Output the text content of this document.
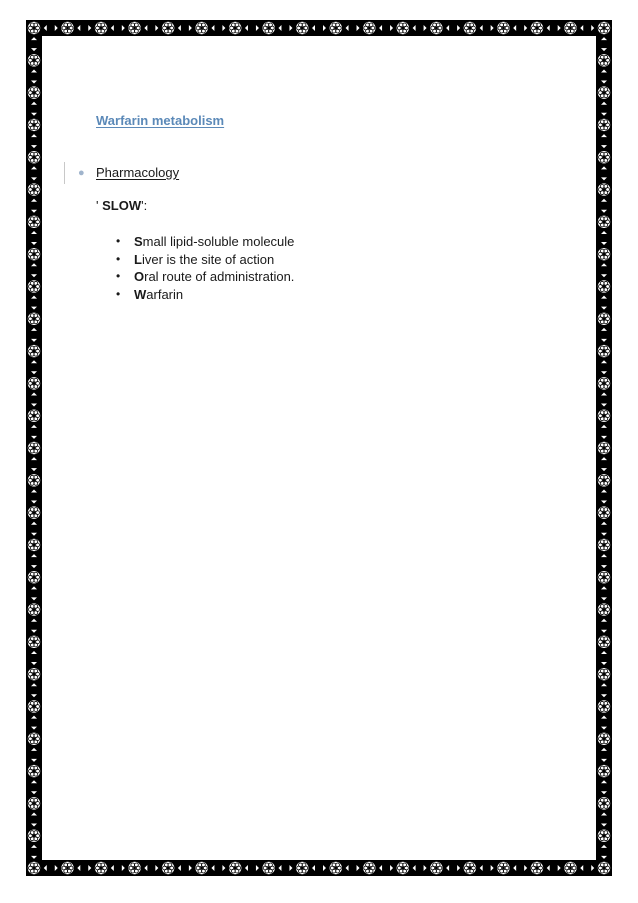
Warfarin metabolism
● Pharmacology
' SLOW':
•	S mall lipid-soluble molecule
•	L iver is the site of action
•	O ral route of administration.
•	W arfarin
